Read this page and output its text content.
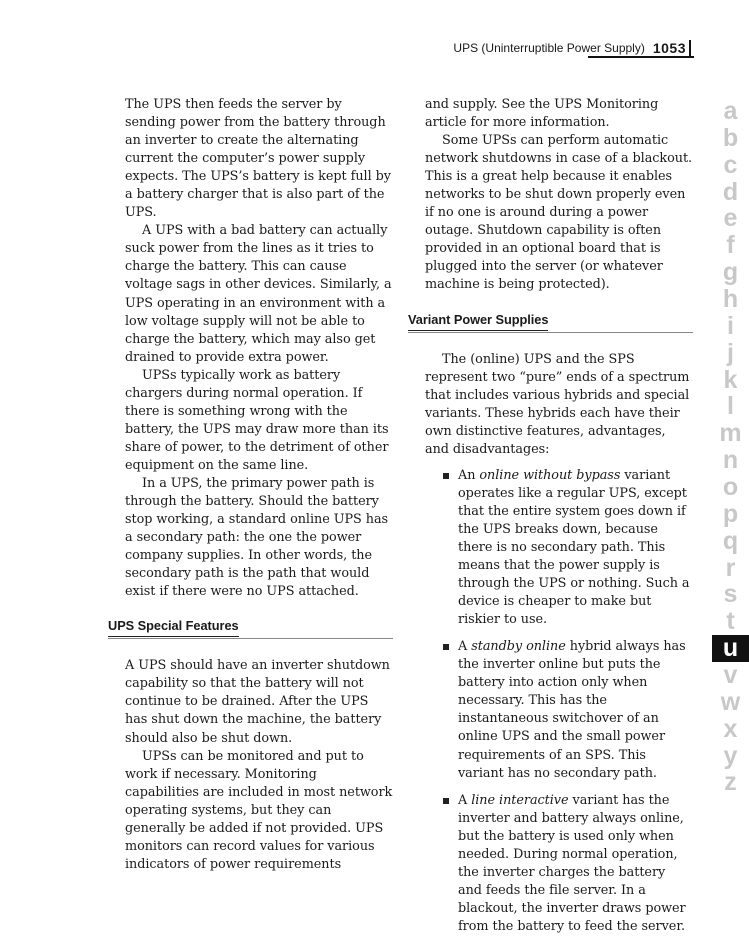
UPS (Uninterruptible Power Supply) 1053

The UPS then feeds the server by sending power from the battery through an inverter to create the alternating current the computer’s power supply expects. The UPS’s battery is kept full by a battery charger that is also part of the UPS.

A UPS with a bad battery can actually suck power from the lines as it tries to charge the battery. This can cause voltage sags in other devices. Similarly, a UPS operating in an environment with a low voltage supply will not be able to charge the battery, which may also get drained to provide extra power.

UPSs typically work as battery chargers during normal operation. If there is something wrong with the battery, the UPS may draw more than its share of power, to the detriment of other equipment on the same line.

In a UPS, the primary power path is through the battery. Should the battery stop working, a standard online UPS has a secondary path: the one the power company supplies. In other words, the secondary path is the path that would exist if there were no UPS attached.

UPS Special Features

A UPS should have an inverter shutdown capability so that the battery will not continue to be drained. After the UPS has shut down the machine, the battery should also be shut down.

UPSs can be monitored and put to work if necessary. Monitoring capabilities are included in most network operating systems, but they can generally be added if not provided. UPS monitors can record values for various indicators of power requirements

and supply. See the UPS Monitoring article for more information.

Some UPSs can perform automatic network shutdowns in case of a blackout. This is a great help because it enables networks to be shut down properly even if no one is around during a power outage. Shutdown capability is often provided in an optional board that is plugged into the server (or whatever machine is being protected).

Variant Power Supplies

The (online) UPS and the SPS represent two “pure” ends of a spectrum that includes various hybrids and special variants. These hybrids each have their own distinctive features, advantages, and disadvantages:

An online without bypass variant operates like a regular UPS, except that the entire system goes down if the UPS breaks down, because there is no secondary path. This means that the power supply is through the UPS or nothing. Such a device is cheaper to make but riskier to use.
A standby online hybrid always has the inverter online but puts the battery into action only when necessary. This has the instantaneous switchover of an online UPS and the small power requirements of an SPS. This variant has no secondary path.
A line interactive variant has the inverter and battery always online, but the battery is used only when needed. During normal operation, the inverter charges the battery and feeds the file server. In a blackout, the inverter draws power from the battery to feed the server.
a
b
c
d
e
f
g
h
i
j
k
l
m
n
o
p
q
r
s
t
u
v
w
x
y
z
